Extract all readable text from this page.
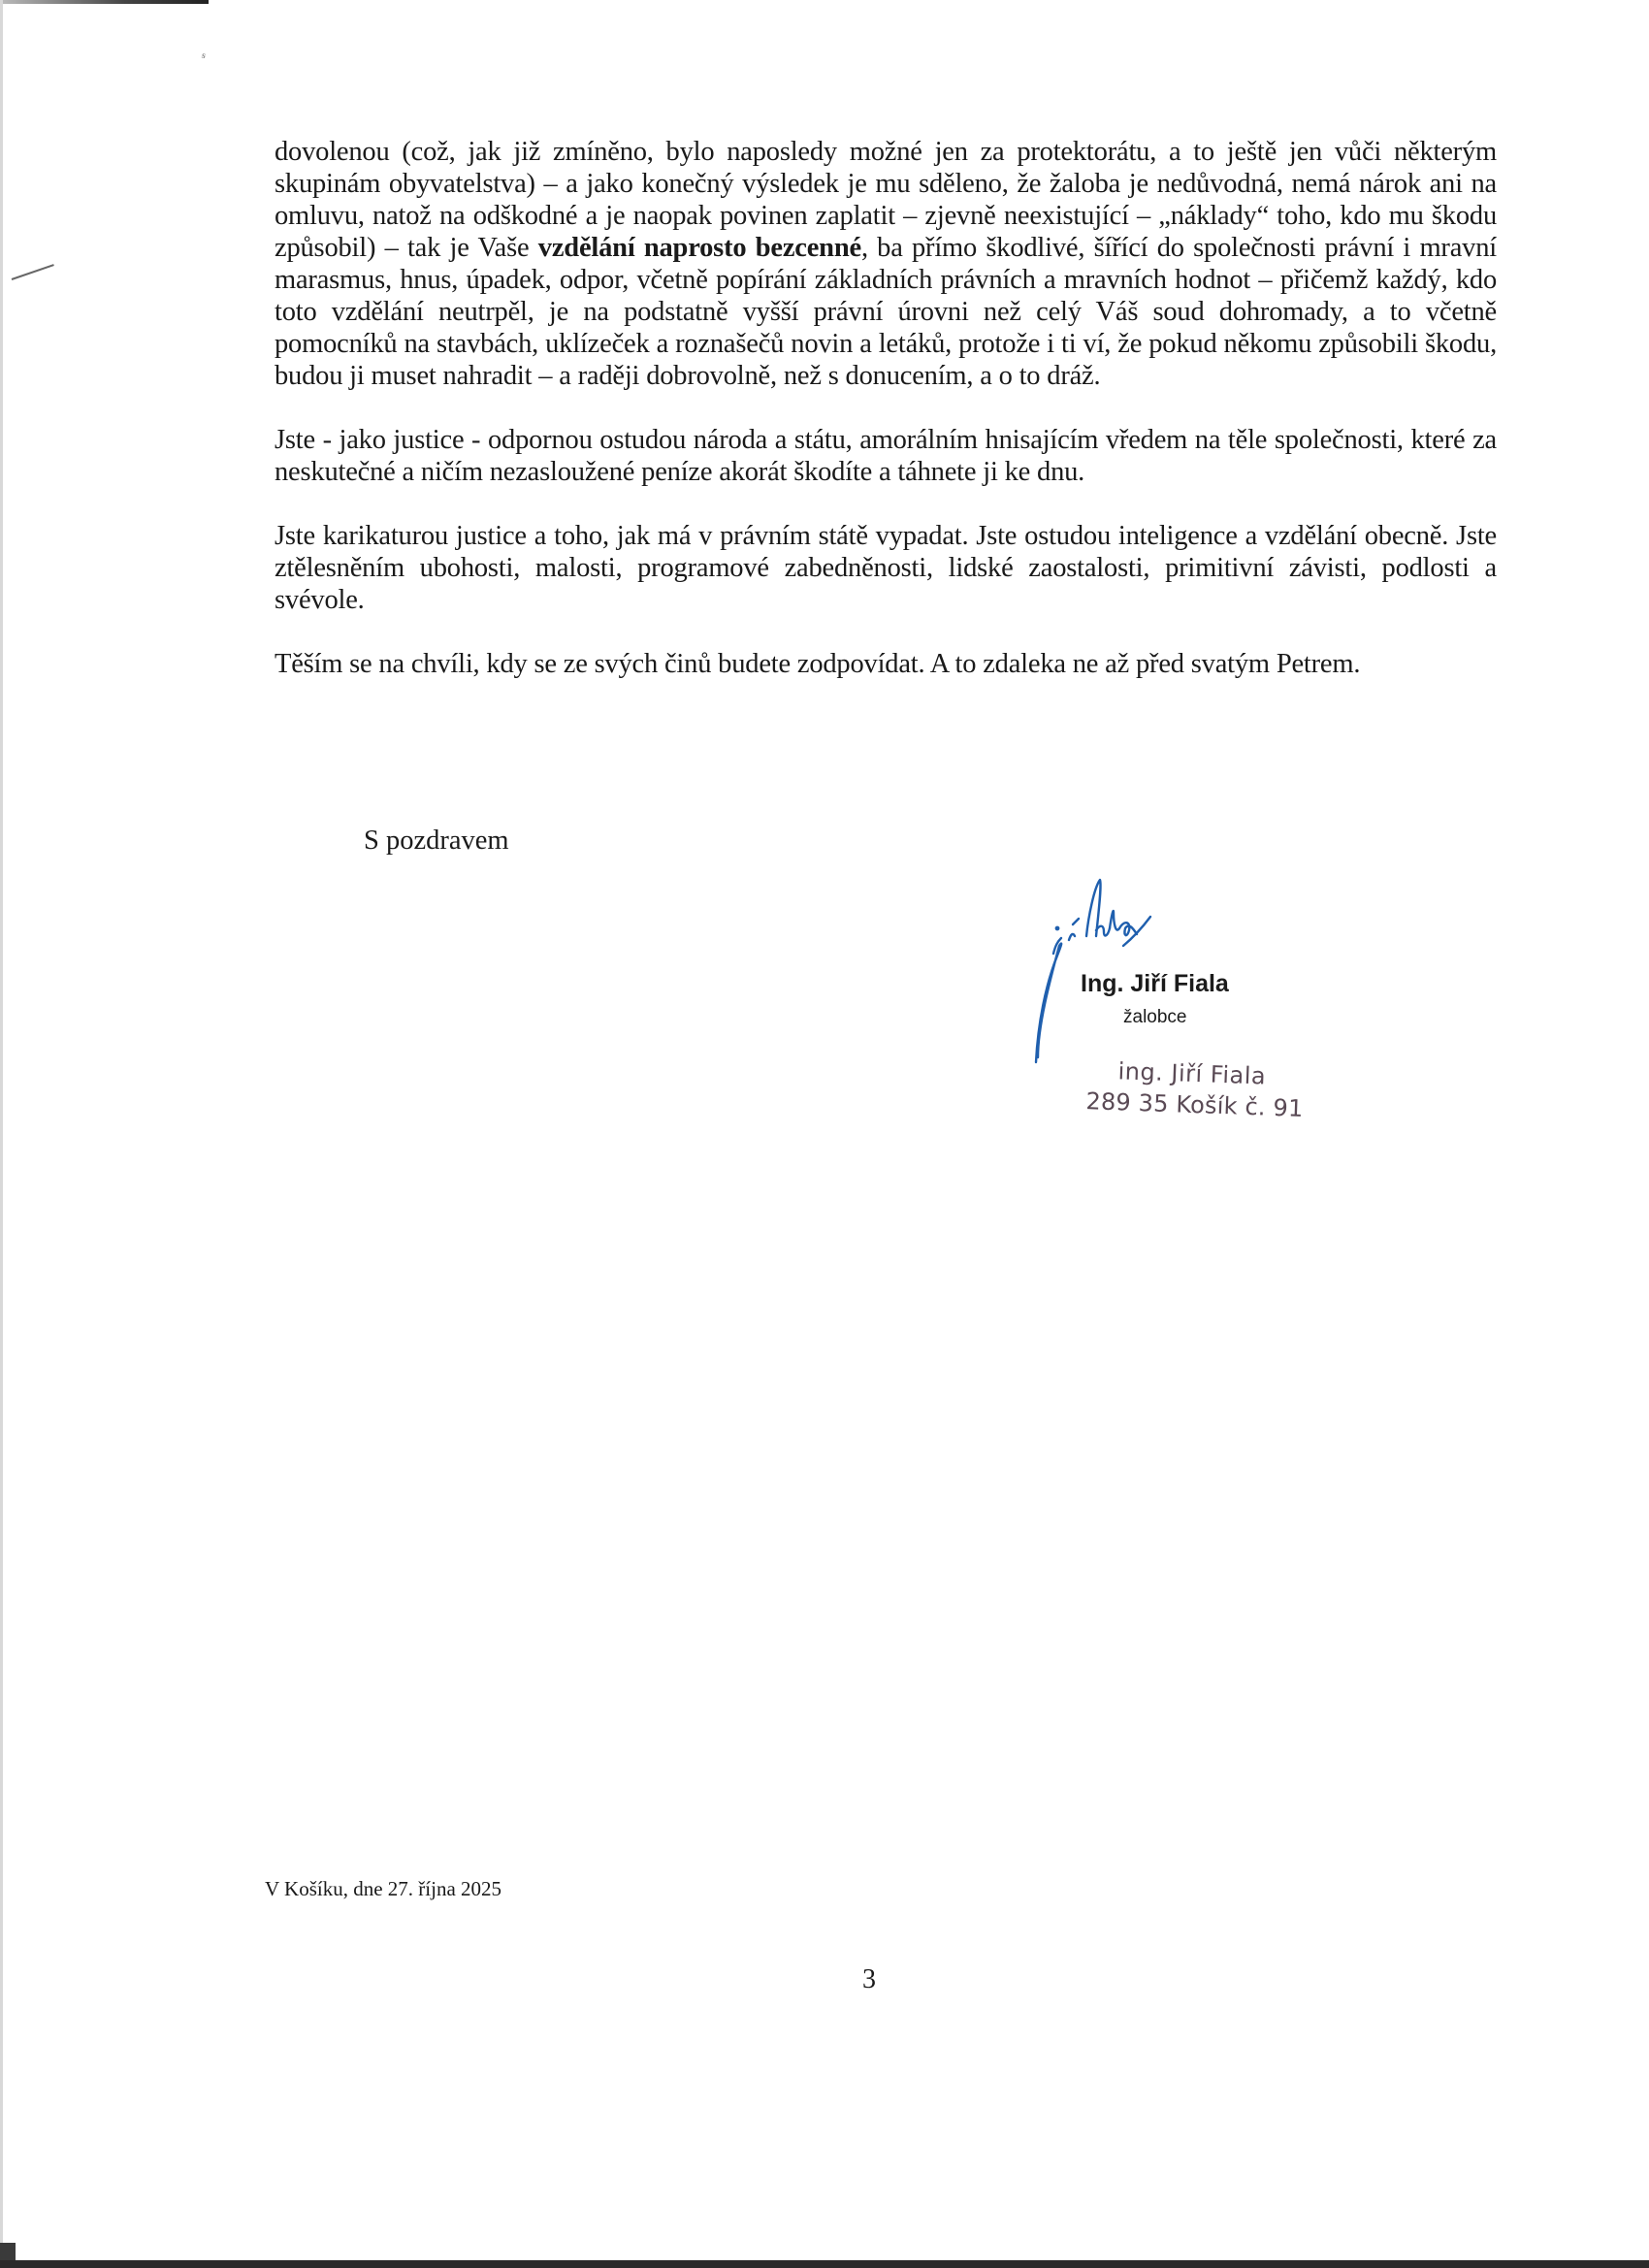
ᵴ

dovolenou (což, jak již zmíněno, bylo naposledy možné jen za protektorátu, a to ještě jen vůči některým skupinám obyvatelstva) – a jako konečný výsledek je mu sděleno, že žaloba je nedůvodná, nemá nárok ani na omluvu, natož na odškodné a je naopak povinen zaplatit – zjevně neexistující – „náklady“ toho, kdo mu škodu způsobil) – tak je Vaše vzdělání naprosto bezcenné, ba přímo škodlivé, šířící do společnosti právní i mravní marasmus, hnus, úpadek, odpor, včetně popírání základních právních a mravních hodnot – přičemž každý, kdo toto vzdělání neutrpěl, je na podstatně vyšší právní úrovni než celý Váš soud dohromady, a to včetně pomocníků na stavbách, uklízeček a roznašečů novin a letáků, protože i ti ví, že pokud někomu způsobili škodu, budou ji muset nahradit – a raději dobrovolně, než s donucením, a o to dráž.

Jste - jako justice - odpornou ostudou národa a státu, amorálním hnisajícím vředem na těle společnosti, které za neskutečné a ničím nezasloužené peníze akorát škodíte a táhnete ji ke dnu.

Jste karikaturou justice a toho, jak má v právním státě vypadat. Jste ostudou inteligence a vzdělání obecně. Jste ztělesněním ubohosti, malosti, programové zabedněnosti, lidské zaostalosti, primitivní závisti, podlosti a svévole.

Těším se na chvíli, kdy se ze svých činů budete zodpovídat. A to zdaleka ne až před svatým Petrem.

S pozdravem
Ing. Jiří Fiala
žalobce
ing. Jiří Fiala
289 35 Košík č. 91
V Košíku, dne 27. října 2025
3
